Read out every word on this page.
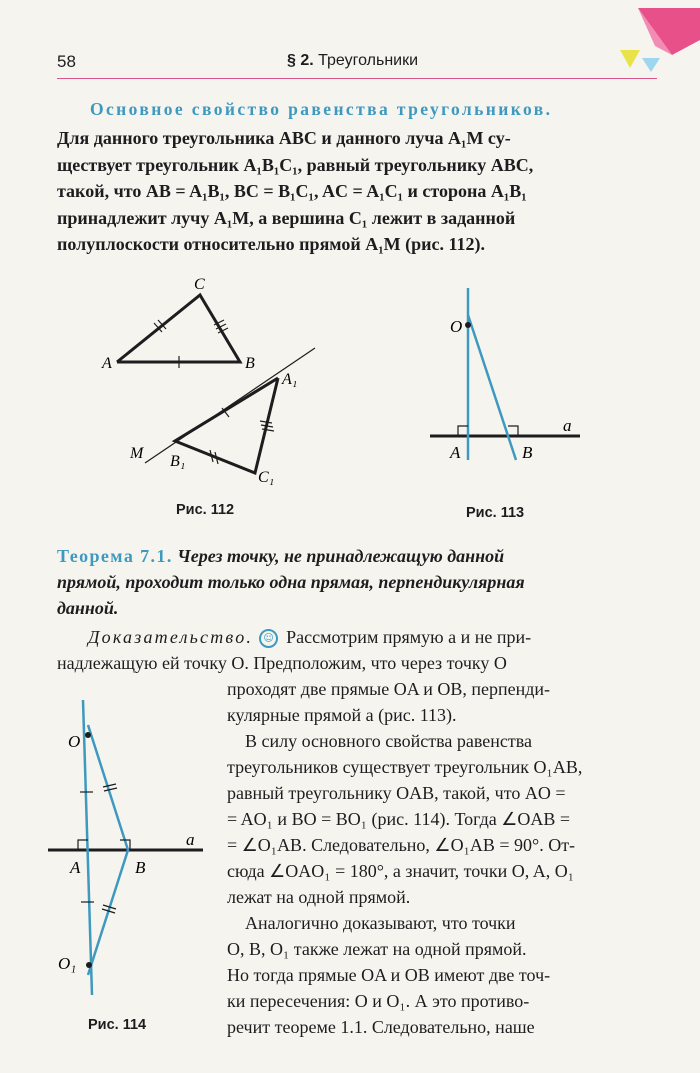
58	§ 2. Треугольники
Основное свойство равенства треугольников.

Для данного треугольника ABC и данного луча A₁M су-

ществует треугольник A₁B₁C₁, равный треугольнику ABC,

такой, что AB = A₁B₁, BC = B₁C₁, AC = A₁C₁ и сторона A₁B₁

принадлежит лучу A₁M, а вершина C₁ лежит в заданной

полуплоскости относительно прямой A₁M (рис. 112).

A
C
B
A₁
M B₁
C₁
Рис. 112
O
a
A	B
Рис. 113

Теорема 7.1. Через точку, не принадлежащую данной

прямой, проходит только одна прямая, перпендикулярная

данной.

Доказательство. ☺ Рассмотрим прямую a и не при-
надлежащую ей точку O. Предположим, что через точку O
O
a
A	B
O₁
Рис. 114

проходят две прямые OA и OB, перпенди-

кулярные прямой a (рис. 113).

В силу основного свойства равенства

треугольников существует треугольник O₁AB,

равный треугольнику OAB, такой, что AO =

= AO₁ и BO = BO₁ (рис. 114). Тогда ∠OAB =

= ∠O₁AB. Следовательно, ∠O₁AB = 90°. От-

сюда ∠OAO₁ = 180°, а значит, точки O, A, O₁

лежат на одной прямой.

Аналогично доказывают, что точки

O, B, O₁ также лежат на одной прямой.

Но тогда прямые OA и OB имеют две точ-

ки пересечения: O и O₁. А это противо-

речит теореме 1.1. Следовательно, наше
